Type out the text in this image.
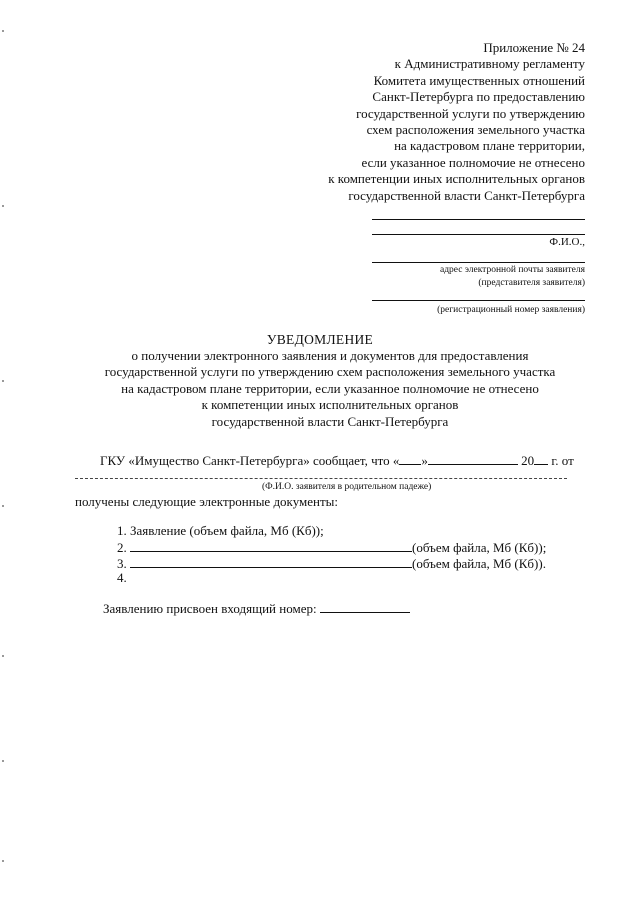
Приложение № 24
к Административному регламенту
Комитета имущественных отношений
Санкт-Петербурга по предоставлению
государственной услуги по утверждению
схем расположения земельного участка
на кадастровом плане территории,
если указанное полномочие не отнесено
к компетенции иных исполнительных органов
государственной власти Санкт-Петербурга
Ф.И.О.,
адрес электронной почты заявителя
(представителя заявителя)
(регистрационный номер заявления)
УВЕДОМЛЕНИЕ
о получении электронного заявления и документов для предоставления
государственной услуги по утверждению схем расположения земельного участка
на кадастровом плане территории, если указанное полномочие не отнесено
к компетенции иных исполнительных органов
государственной власти Санкт-Петербурга
ГКУ «Имущество Санкт-Петербурга» сообщает, что « »	20 г. от
(Ф.И.О. заявителя в родительном падеже)
получены следующие электронные документы:
1. Заявление (объем файла, Мб (Кб));
2.	(объем файла, Мб (Кб));
3.	(объем файла, Мб (Кб)).
4.
Заявлению присвоен входящий номер:
